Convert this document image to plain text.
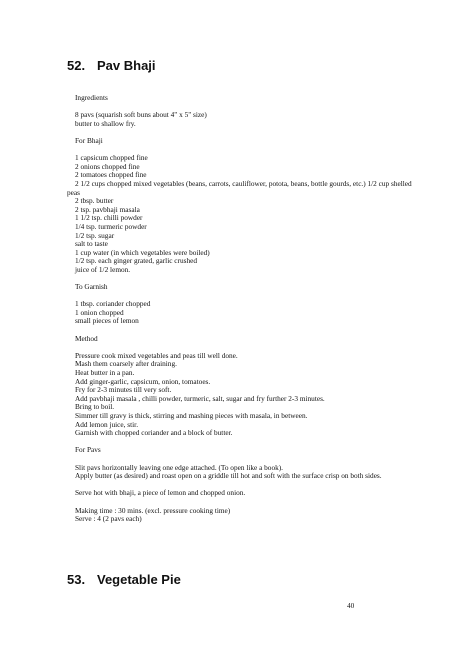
52. Pav Bhaji
Ingredients
8 pavs (squarish soft buns about 4" x 5" size)
butter to shallow fry.
For Bhaji
1 capsicum chopped fine
2 onions chopped fine
2 tomatoes chopped fine
2 1/2 cups chopped mixed vegetables (beans, carrots, cauliflower, potota, beans, bottle gourds, etc.) 1/2 cup shelled
peas
2 tbsp. butter
2 tsp. pavbhaji masala
1 1/2 tsp. chilli powder
1/4 tsp. turmeric powder
1/2 tsp. sugar
salt to taste
1 cup water (in which vegetables were boiled)
1/2 tsp. each ginger grated, garlic crushed
juice of 1/2 lemon.
To Garnish
1 tbsp. coriander chopped
1 onion chopped
small pieces of lemon
Method
Pressure cook mixed vegetables and peas till well done.
Mash them coarsely after draining.
Heat butter in a pan.
Add ginger-garlic, capsicum, onion, tomatoes.
Fry for 2-3 minutes till very soft.
Add pavbhaji masala , chilli powder, turmeric, salt, sugar and fry further 2-3 minutes.
Bring to boil.
Simmer till gravy is thick, stirring and mashing pieces with masala, in between.
Add lemon juice, stir.
Garnish with chopped coriander and a block of butter.
For Pavs
Slit pavs horizontally leaving one edge attached. (To open like a book).
Apply butter (as desired) and roast open on a griddle till hot and soft with the surface crisp on both sides.
Serve hot with bhaji, a piece of lemon and chopped onion.
Making time : 30 mins. (excl. pressure cooking time)
Serve : 4 (2 pavs each)
53. Vegetable Pie
40
